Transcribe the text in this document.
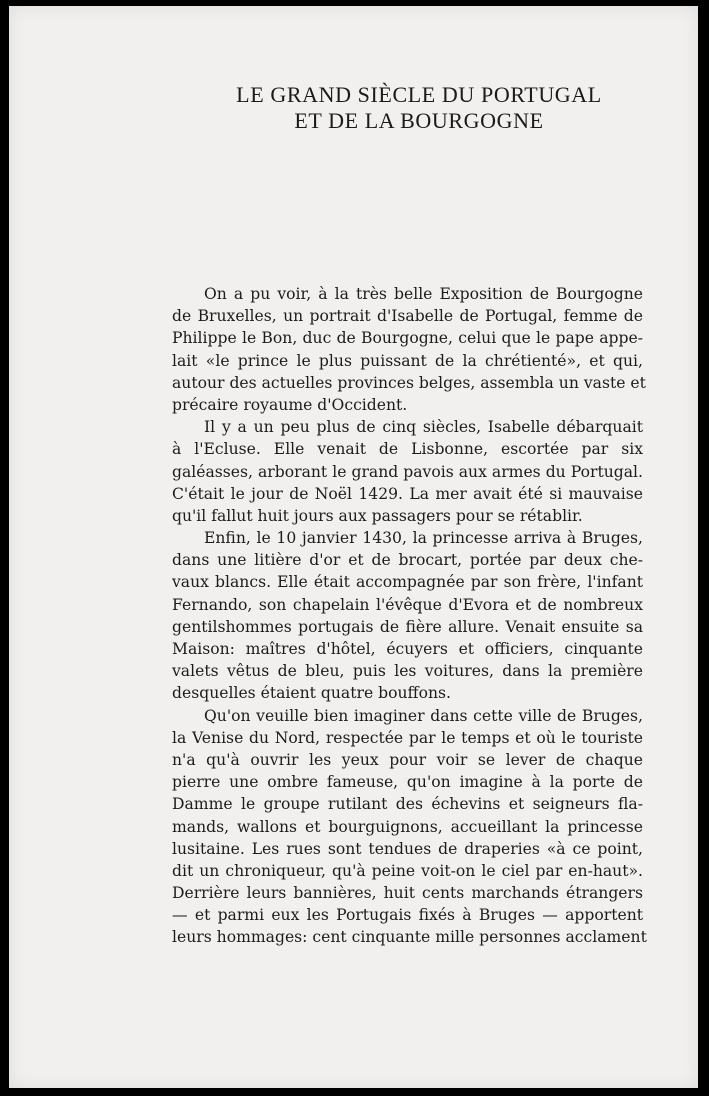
LE GRAND SIÈCLE DU PORTUGAL
ET DE LA BOURGOGNE
On a pu voir, à la très belle Exposition de Bourgogne
de Bruxelles, un portrait d'Isabelle de Portugal, femme de
Philippe le Bon, duc de Bourgogne, celui que le pape appe-
lait «le prince le plus puissant de la chrétienté», et qui,
autour des actuelles provinces belges, assembla un vaste et
précaire royaume d'Occident.
Il y a un peu plus de cinq siècles, Isabelle débarquait
à l'Ecluse. Elle venait de Lisbonne, escortée par six
galéasses, arborant le grand pavois aux armes du Portugal.
C'était le jour de Noël 1429. La mer avait été si mauvaise
qu'il fallut huit jours aux passagers pour se rétablir.
Enfin, le 10 janvier 1430, la princesse arriva à Bruges,
dans une litière d'or et de brocart, portée par deux che-
vaux blancs. Elle était accompagnée par son frère, l'infant
Fernando, son chapelain l'évêque d'Evora et de nombreux
gentilshommes portugais de fière allure. Venait ensuite sa
Maison: maîtres d'hôtel, écuyers et officiers, cinquante
valets vêtus de bleu, puis les voitures, dans la première
desquelles étaient quatre bouffons.
Qu'on veuille bien imaginer dans cette ville de Bruges,
la Venise du Nord, respectée par le temps et où le touriste
n'a qu'à ouvrir les yeux pour voir se lever de chaque
pierre une ombre fameuse, qu'on imagine à la porte de
Damme le groupe rutilant des échevins et seigneurs fla-
mands, wallons et bourguignons, accueillant la princesse
lusitaine. Les rues sont tendues de draperies «à ce point,
dit un chroniqueur, qu'à peine voit-on le ciel par en-haut».
Derrière leurs bannières, huit cents marchands étrangers
— et parmi eux les Portugais fixés à Bruges — apportent
leurs hommages: cent cinquante mille personnes acclament
